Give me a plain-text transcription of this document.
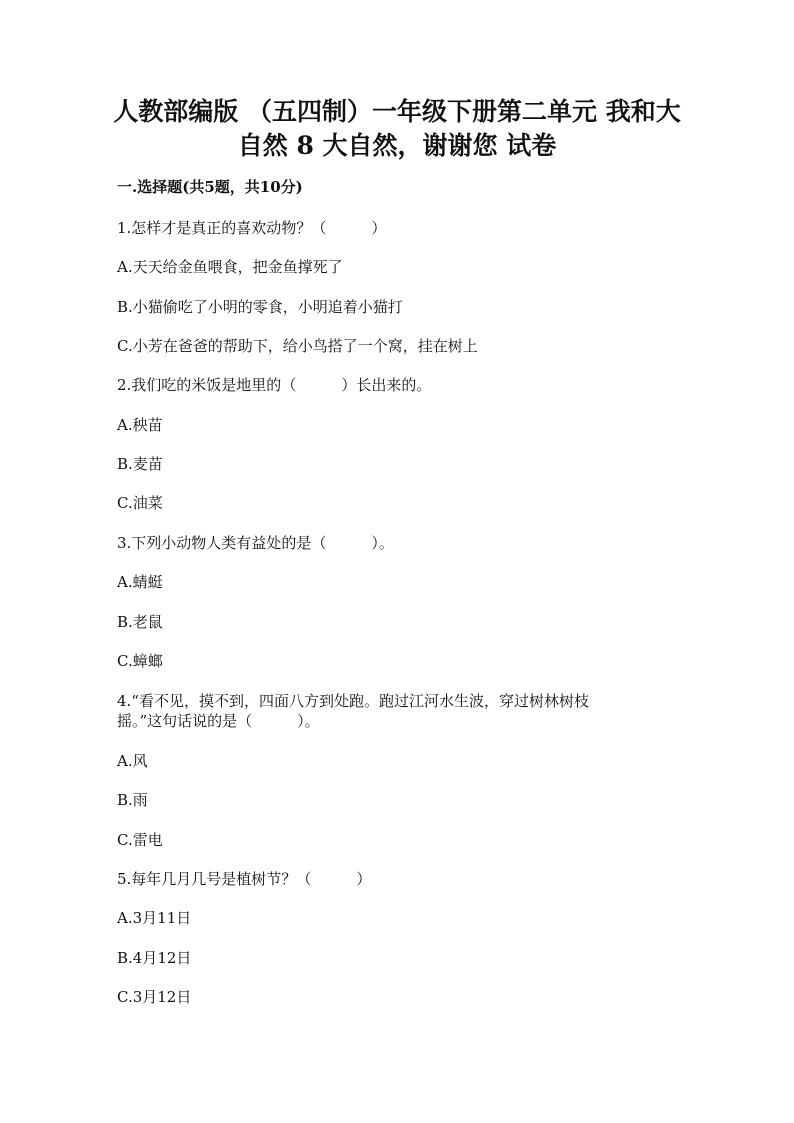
人教部编版 （五四制）一年级下册第二单元 我和大
自然 8 大自然，谢谢您 试卷
一.选择题(共5题，共10分)
1.怎样才是真正的喜欢动物？（　　　）
A.天天给金鱼喂食，把金鱼撑死了
B.小猫偷吃了小明的零食，小明追着小猫打
C.小芳在爸爸的帮助下，给小鸟搭了一个窝，挂在树上
2.我们吃的米饭是地里的（　　　）长出来的。
A.秧苗
B.麦苗
C.油菜
3.下列小动物人类有益处的是（　　　）。
A.蜻蜓
B.老鼠
C.蟑螂
4.“看不见，摸不到，四面八方到处跑。跑过江河水生波，穿过树林树枝
摇。”这句话说的是（　　　）。
A.风
B.雨
C.雷电
5.每年几月几号是植树节？（　　　）
A.3月11日
B.4月12日
C.3月12日
